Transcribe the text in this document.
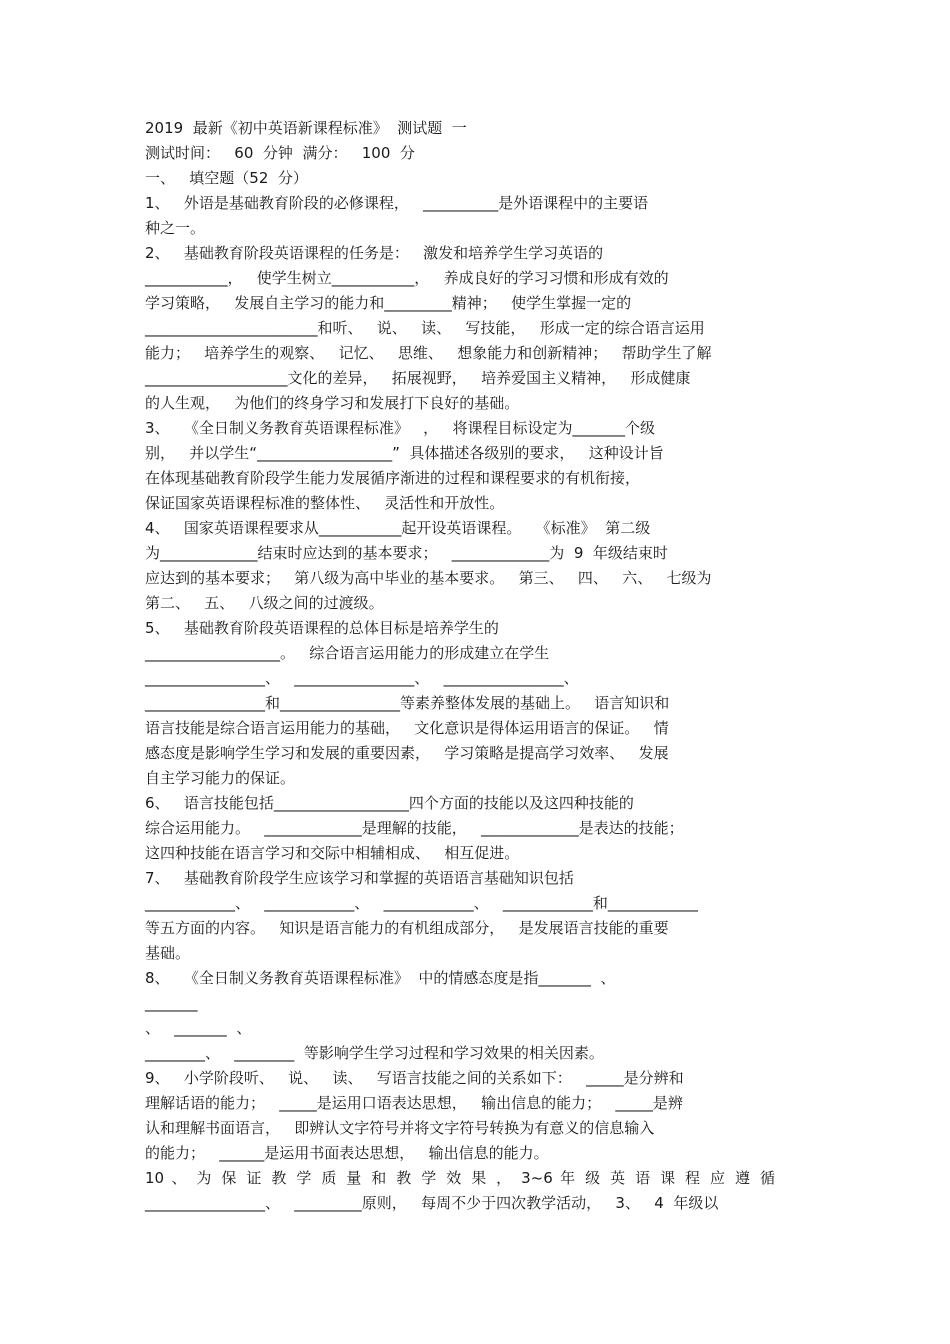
2019  最新《初中英语新课程标准》  测试题  一
测试时间：   60  分钟  满分：   100  分
一、   填空题（52  分）
1、   外语是基础教育阶段的必修课程，   __________是外语课程中的主要语
种之一。
2、   基础教育阶段英语课程的任务是：   激发和培养学生学习英语的
___________，   使学生树立___________，   养成良好的学习习惯和形成有效的
学习策略，   发展自主学习的能力和_________精神；   使学生掌握一定的
_______________________和听、   说、   读、   写技能，   形成一定的综合语言运用
能力；   培养学生的观察、   记忆、   思维、   想象能力和创新精神；   帮助学生了解
___________________文化的差异，   拓展视野，   培养爱国主义精神，   形成健康
的人生观，   为他们的终身学习和发展打下良好的基础。
3、   《全日制义务教育英语课程标准》   ，   将课程目标设定为_______个级
别，   并以学生“__________________”  具体描述各级别的要求，   这种设计旨
在体现基础教育阶段学生能力发展循序渐进的过程和课程要求的有机衔接，
保证国家英语课程标准的整体性、   灵活性和开放性。
4、   国家英语课程要求从___________起开设英语课程。   《标准》  第二级
为_____________结束时应达到的基本要求；   _____________为  9  年级结束时
应达到的基本要求；   第八级为高中毕业的基本要求。   第三、   四、   六、   七级为
第二、   五、   八级之间的过渡级。
5、   基础教育阶段英语课程的总体目标是培养学生的
__________________。   综合语言运用能力的形成建立在学生
________________、   ________________、   ________________、
________________和________________等素养整体发展的基础上。   语言知识和
语言技能是综合语言运用能力的基础，   文化意识是得体运用语言的保证。   情
感态度是影响学生学习和发展的重要因素，   学习策略是提高学习效率、   发展
自主学习能力的保证。
6、   语言技能包括__________________四个方面的技能以及这四种技能的
综合运用能力。   _____________是理解的技能，   _____________是表达的技能；
这四种技能在语言学习和交际中相辅相成、   相互促进。
7、   基础教育阶段学生应该学习和掌握的英语语言基础知识包括
____________、   ____________、   ____________、   ____________和____________
等五方面的内容。   知识是语言能力的有机组成部分，   是发展语言技能的重要
基础。
8、   《全日制义务教育英语课程标准》  中的情感态度是指_______  、
_______
、   _______  、
________、   ________  等影响学生学习过程和学习效果的相关因素。
9、   小学阶段听、   说、   读、   写语言技能之间的关系如下：   _____是分辨和
理解话语的能力；   _____是运用口语表达思想，   输出信息的能力；   _____是辨
认和理解书面语言，   即辨认文字符号并将文字符号转换为有意义的信息输入
的能力；   ______是运用书面表达思想，   输出信息的能力。
10 、 为 保 证 教 学 质 量 和 教 学 效 果 ， 3~6 年 级 英 语 课 程 应 遵 循
________________、   _________原则，   每周不少于四次教学活动，   3、   4  年级以
